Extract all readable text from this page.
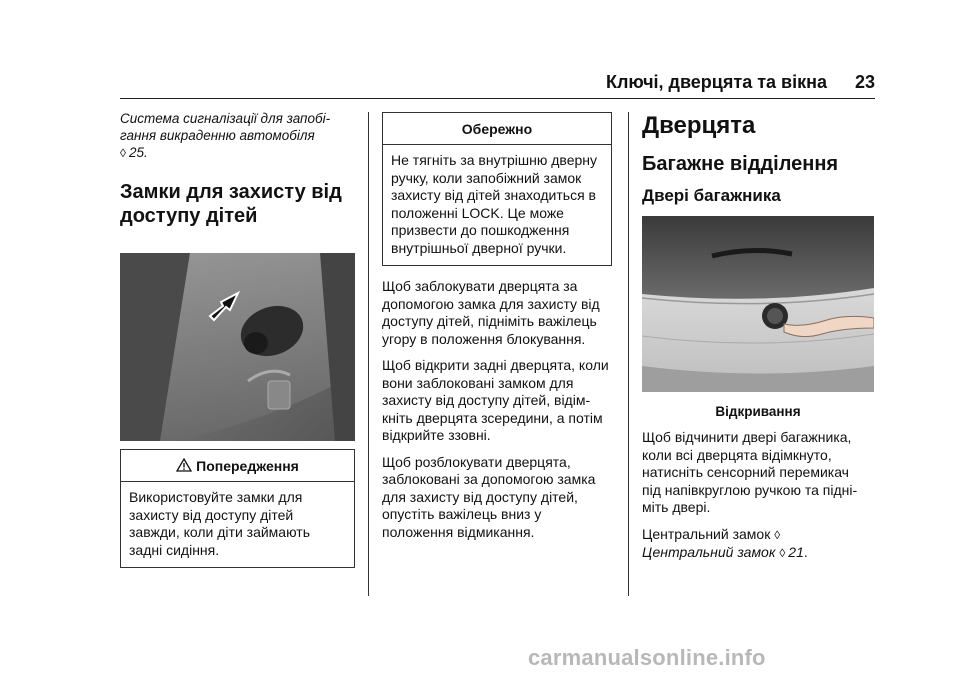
Ключі, дверцята та вікна 23

Система сигналізації для запобі-
гання викраденню автомобіля
◊ 25.

Замки для захисту від
доступу дітей
Попередження
Використовуйте замки для
захисту від доступу дітей
завжди, коли діти займають
задні сидіння.
Обережно
Не тягніть за внутрішню дверну
ручку, коли запобіжний замок
захисту від дітей знаходиться в
положенні LOCK. Це може
призвести до пошкодження
внутрішньої дверної ручки.

Щоб заблокувати дверцята за
допомогою замка для захисту від
доступу дітей, підніміть важілець
угору в положення блокування.

Щоб відкрити задні дверцята, коли
вони заблоковані замком для
захисту від доступу дітей, відім-
кніть дверцята зсередини, а потім
відкрийте ззовні.

Щоб розблокувати дверцята,
заблоковані за допомогою замка
для захисту від доступу дітей,
опустіть важілець вниз у
положення відмикання.

Дверцята
Багажне відділення
Двері багажника
Відкривання

Щоб відчинити двері багажника,
коли всі дверцята відімкнуто,
натисніть сенсорний перемикач
під напівкруглою ручкою та підні-
міть двері.

Центральний замок ◊
Центральний замок ◊ 21.

carmanualsonline.info
